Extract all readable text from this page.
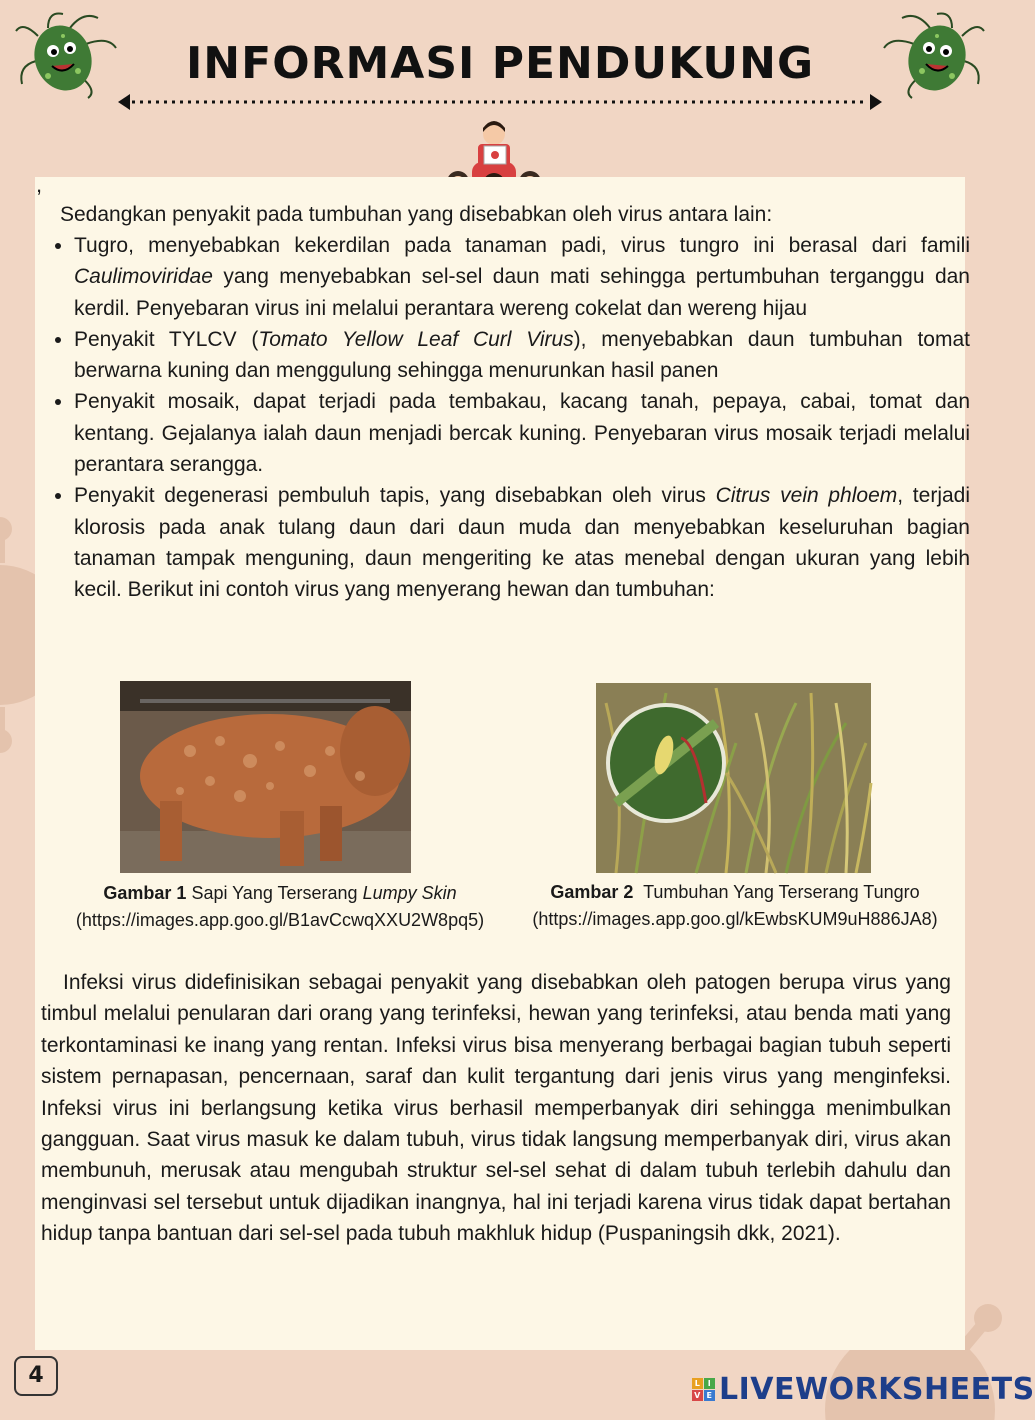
INFORMASI PENDUKUNG
,

Sedangkan penyakit pada tumbuhan yang disebabkan oleh virus antara lain:

• Tugro, menyebabkan kekerdilan pada tanaman padi, virus tungro ini berasal dari famili Caulimoviridae yang menyebabkan sel-sel daun mati sehingga pertumbuhan terganggu dan kerdil. Penyebaran virus ini melalui perantara wereng cokelat dan wereng hijau
• Penyakit TYLCV (Tomato Yellow Leaf Curl Virus), menyebabkan daun tumbuhan tomat berwarna kuning dan menggulung sehingga menurunkan hasil panen
• Penyakit mosaik, dapat terjadi pada tembakau, kacang tanah, pepaya, cabai, tomat dan kentang. Gejalanya ialah daun menjadi bercak kuning. Penyebaran virus mosaik terjadi melalui perantara serangga.
• Penyakit degenerasi pembuluh tapis, yang disebabkan oleh virus Citrus vein phloem, terjadi klorosis pada anak tulang daun dari daun muda dan menyebabkan keseluruhan bagian tanaman tampak menguning, daun mengeriting ke atas menebal dengan ukuran yang lebih kecil. Berikut ini contoh virus yang menyerang hewan dan tumbuhan:
Gambar 1 Sapi Yang Terserang Lumpy Skin
(https://images.app.goo.gl/B1avCcwqXXU2W8pq5)
Gambar 2 Tumbuhan Yang Terserang Tungro
(https://images.app.goo.gl/kEwbsKUM9uH886JA8)

Infeksi virus didefinisikan sebagai penyakit yang disebabkan oleh patogen berupa virus yang timbul melalui penularan dari orang yang terinfeksi, hewan yang terinfeksi, atau benda mati yang terkontaminasi ke inang yang rentan. Infeksi virus bisa menyerang berbagai bagian tubuh seperti sistem pernapasan, pencernaan, saraf dan kulit tergantung dari jenis virus yang menginfeksi. Infeksi virus ini berlangsung ketika virus berhasil memperbanyak diri sehingga menimbulkan gangguan. Saat virus masuk ke dalam tubuh, virus tidak langsung memperbanyak diri, virus akan membunuh, merusak atau mengubah struktur sel-sel sehat di dalam tubuh terlebih dahulu dan menginvasi sel tersebut untuk dijadikan inangnya, hal ini terjadi karena virus tidak dapat bertahan hidup tanpa bantuan dari sel-sel pada tubuh makhluk hidup (Puspaningsih dkk, 2021).

4	L I
V E LIVEWORKSHEETS
